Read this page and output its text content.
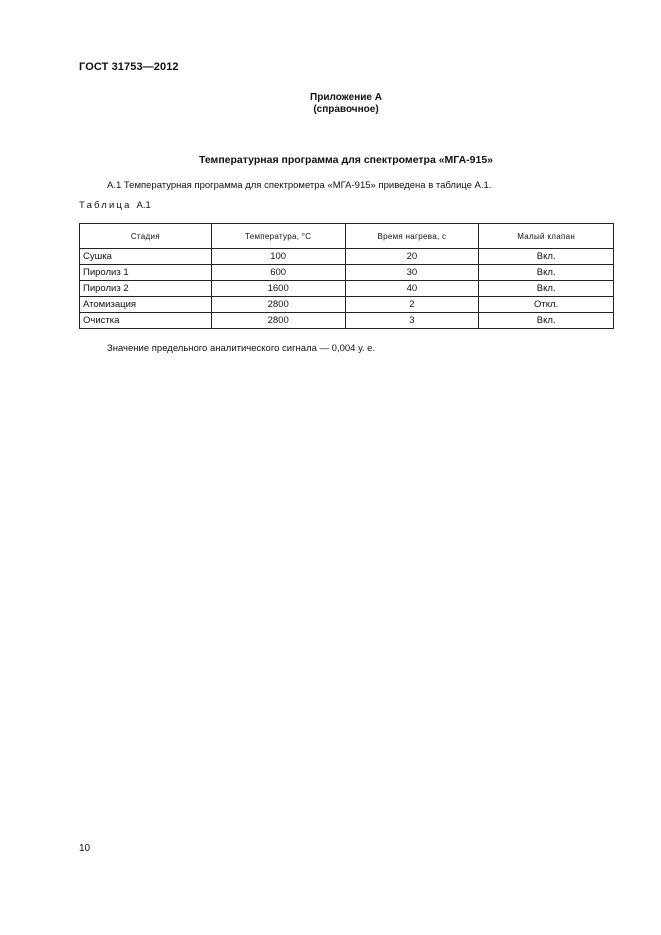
ГОСТ 31753—2012
Приложение А
(справочное)
Температурная программа для спектрометра «МГА-915»
А.1 Температурная программа для спектрометра «МГА-915» приведена в таблице А.1.
Таблица А.1
Стадия	Температура, °С	Время нагрева, с	Малый клапан
Сушка	100	20	Вкл.
Пиролиз 1	600	30	Вкл.
Пиролиз 2	1600	40	Вкл.
Атомизация	2800	2	Откл.
Очистка	2800	3	Вкл.
Значение предельного аналитического сигнала — 0,004 у. е.
10
